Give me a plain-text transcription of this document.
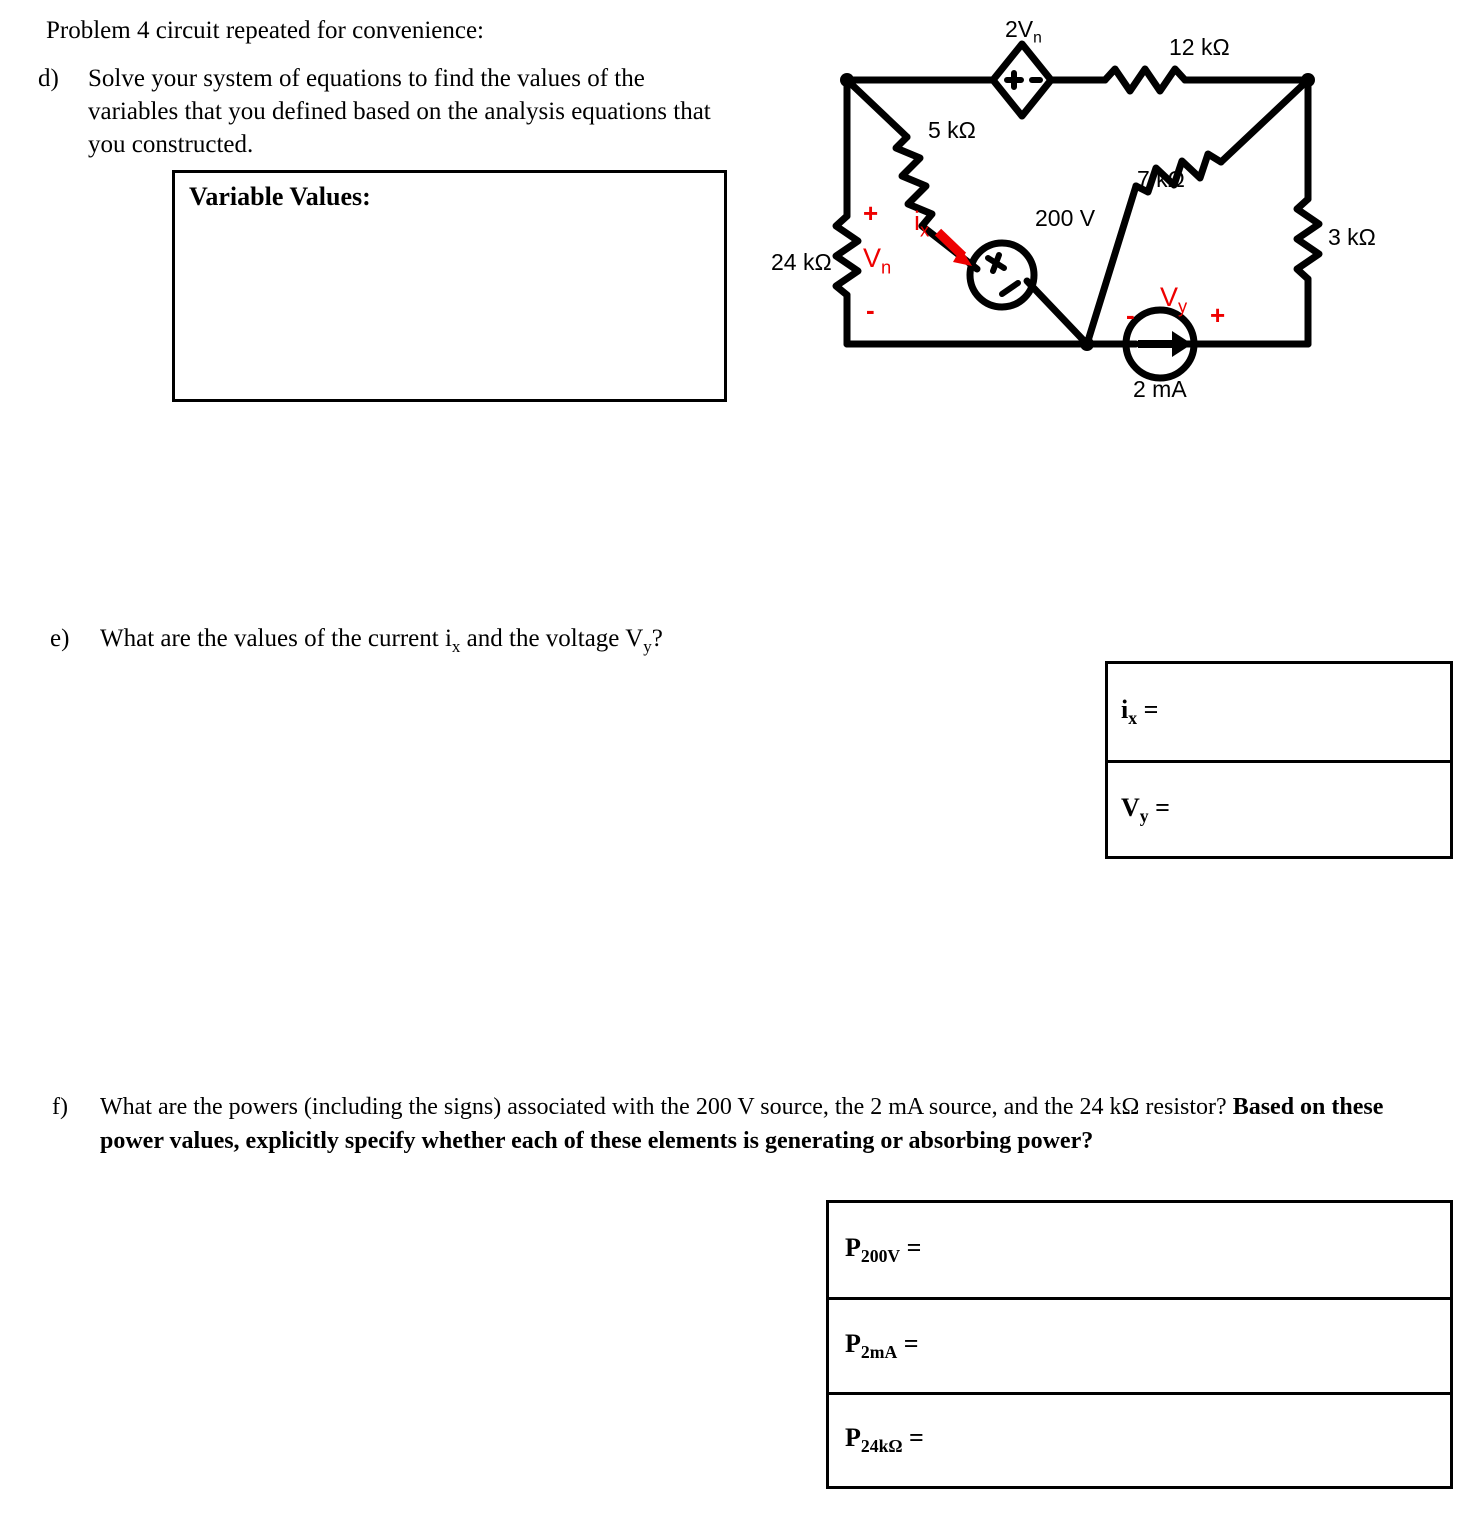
Problem 4 circuit repeated for convenience:
d)	Solve your system of equations to find the values of the variables that you defined based on the analysis equations that you constructed.
Variable Values:
$2V_n$	12 kΩ
5 kΩ
7 kΩ
3 kΩ
24 kΩ
200 V
2 mA
+
$V_n$
-
$i_x$
$V_y$
-	+
e)	What are the values of the current $i_x$ and the voltage $V_y$?
$i_x$ =
$V_y$ =
f)	What are the powers (including the signs) associated with the 200 V source, the 2 mA source, and the 24 kΩ resistor? Based on these power values, explicitly specify whether each of these elements is generating or absorbing power?
$P_{200V}$ =
$P_{2mA}$ =
$P_{24k\Omega}$ =
